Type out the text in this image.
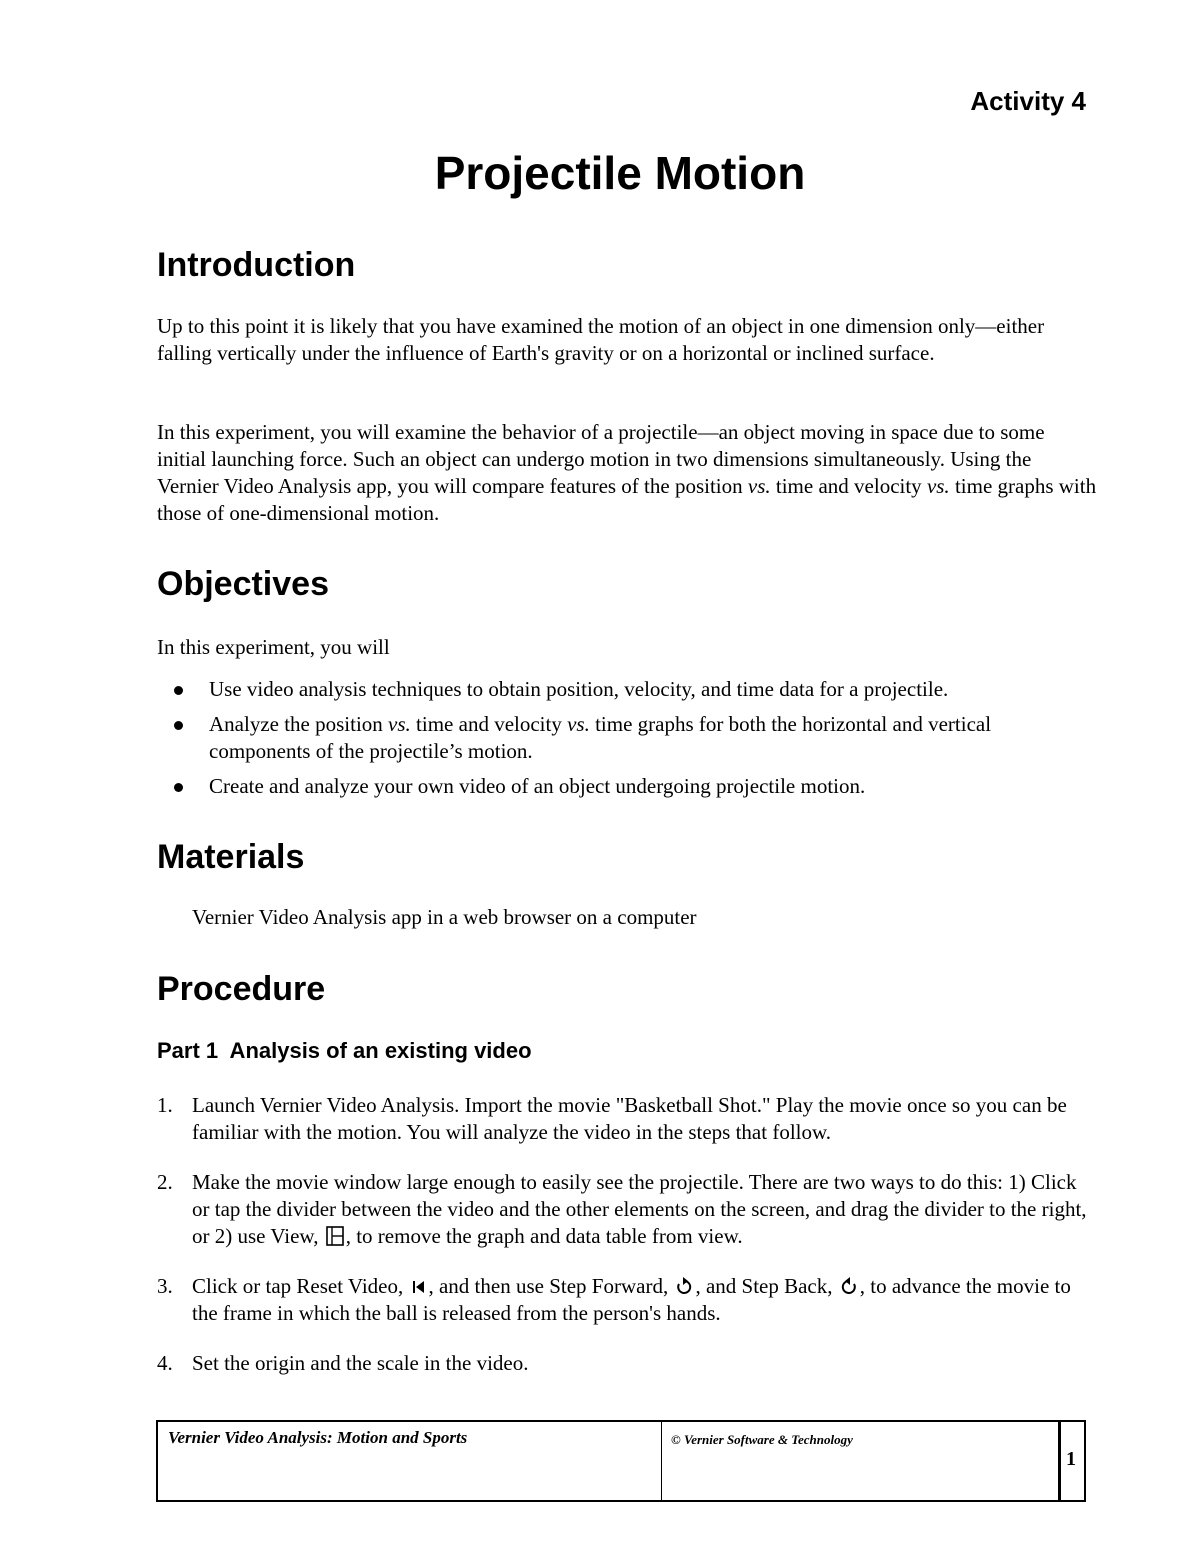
Activity 4
Projectile Motion
Introduction
Up to this point it is likely that you have examined the motion of an object in one dimension only—either falling vertically under the influence of Earth's gravity or on a horizontal or inclined surface.
In this experiment, you will examine the behavior of a projectile—an object moving in space due to some initial launching force. Such an object can undergo motion in two dimensions simultaneously. Using the Vernier Video Analysis app, you will compare features of the position vs. time and velocity vs. time graphs with those of one-dimensional motion.
Objectives
In this experiment, you will
Use video analysis techniques to obtain position, velocity, and time data for a projectile.
Analyze the position vs. time and velocity vs. time graphs for both the horizontal and vertical components of the projectile’s motion.
Create and analyze your own video of an object undergoing projectile motion.
Materials
Vernier Video Analysis app in a web browser on a computer
Procedure
Part 1  Analysis of an existing video
1. Launch Vernier Video Analysis. Import the movie "Basketball Shot." Play the movie once so you can be familiar with the motion. You will analyze the video in the steps that follow.
2. Make the movie window large enough to easily see the projectile. There are two ways to do this: 1) Click or tap the divider between the video and the other elements on the screen, and drag the divider to the right, or 2) use View, , to remove the graph and data table from view.
3. Click or tap Reset Video, , and then use Step Forward, , and Step Back, , to advance the movie to the frame in which the ball is released from the person's hands.
4. Set the origin and the scale in the video.
Vernier Video Analysis: Motion and Sports	© Vernier Software & Technology
1
